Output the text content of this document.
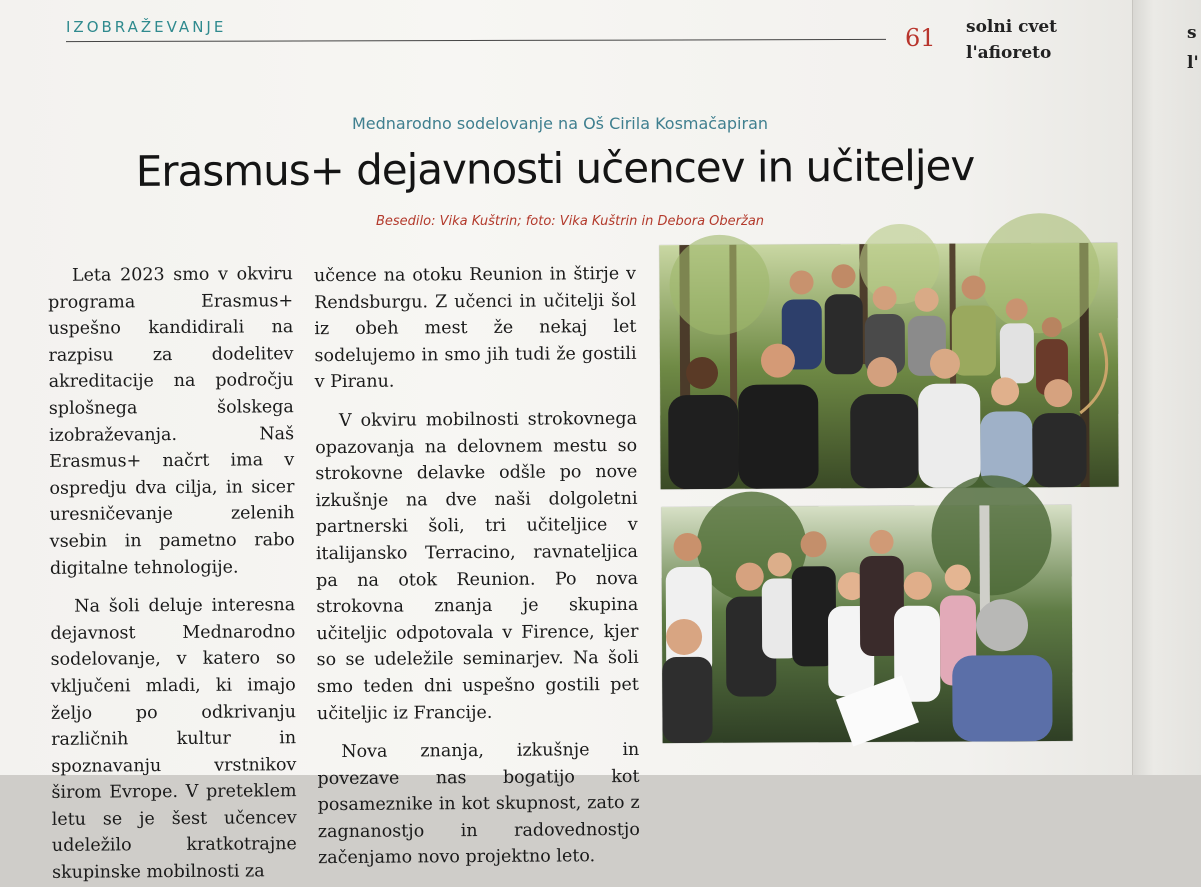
IZOBRAŽEVANJE	61 solni cvet
l'afioreto
Mednarodno sodelovanje na Oš Cirila Kosmačapiran
Erasmus+ dejavnosti učencev in učiteljev
Besedilo: Vika Kuštrin; foto: Vika Kuštrin in Debora Oberžan

Leta 2023 smo v okviru programa Erasmus+ uspešno kandidirali na razpisu za dodelitev akreditacije na področju splošnega šolskega izobraževanja. Naš Erasmus+ načrt ima v ospredju dva cilja, in sicer uresničevanje zelenih vsebin in pametno rabo digitalne tehnologije.

Na šoli deluje interesna dejavnost Mednarodno sodelovanje, v katero so vključeni mladi, ki imajo željo po odkrivanju različnih kultur in spoznavanju vrstnikov širom Evrope. V preteklem letu se je šest učencev udeležilo kratkotrajne skupinske mobilnosti za

učence na otoku Reunion in štirje v Rendsburgu. Z učenci in učitelji šol iz obeh mest že nekaj let sodelujemo in smo jih tudi že gostili v Piranu.

V okviru mobilnosti strokovnega opazovanja na delovnem mestu so strokovne delavke odšle po nove izkušnje na dve naši dolgoletni partnerski šoli, tri učiteljice v italijansko Terracino, ravnateljica pa na otok Reunion. Po nova strokovna znanja je skupina učiteljic odpotovala v Firence, kjer so se udeležile seminarjev. Na šoli smo teden dni uspešno gostili pet učiteljic iz Francije.

Nova znanja, izkušnje in povezave nas bogatijo kot posameznike in kot skupnost, zato z zagnanostjo in radovednostjo začenjamo novo projektno leto.

s
l'
